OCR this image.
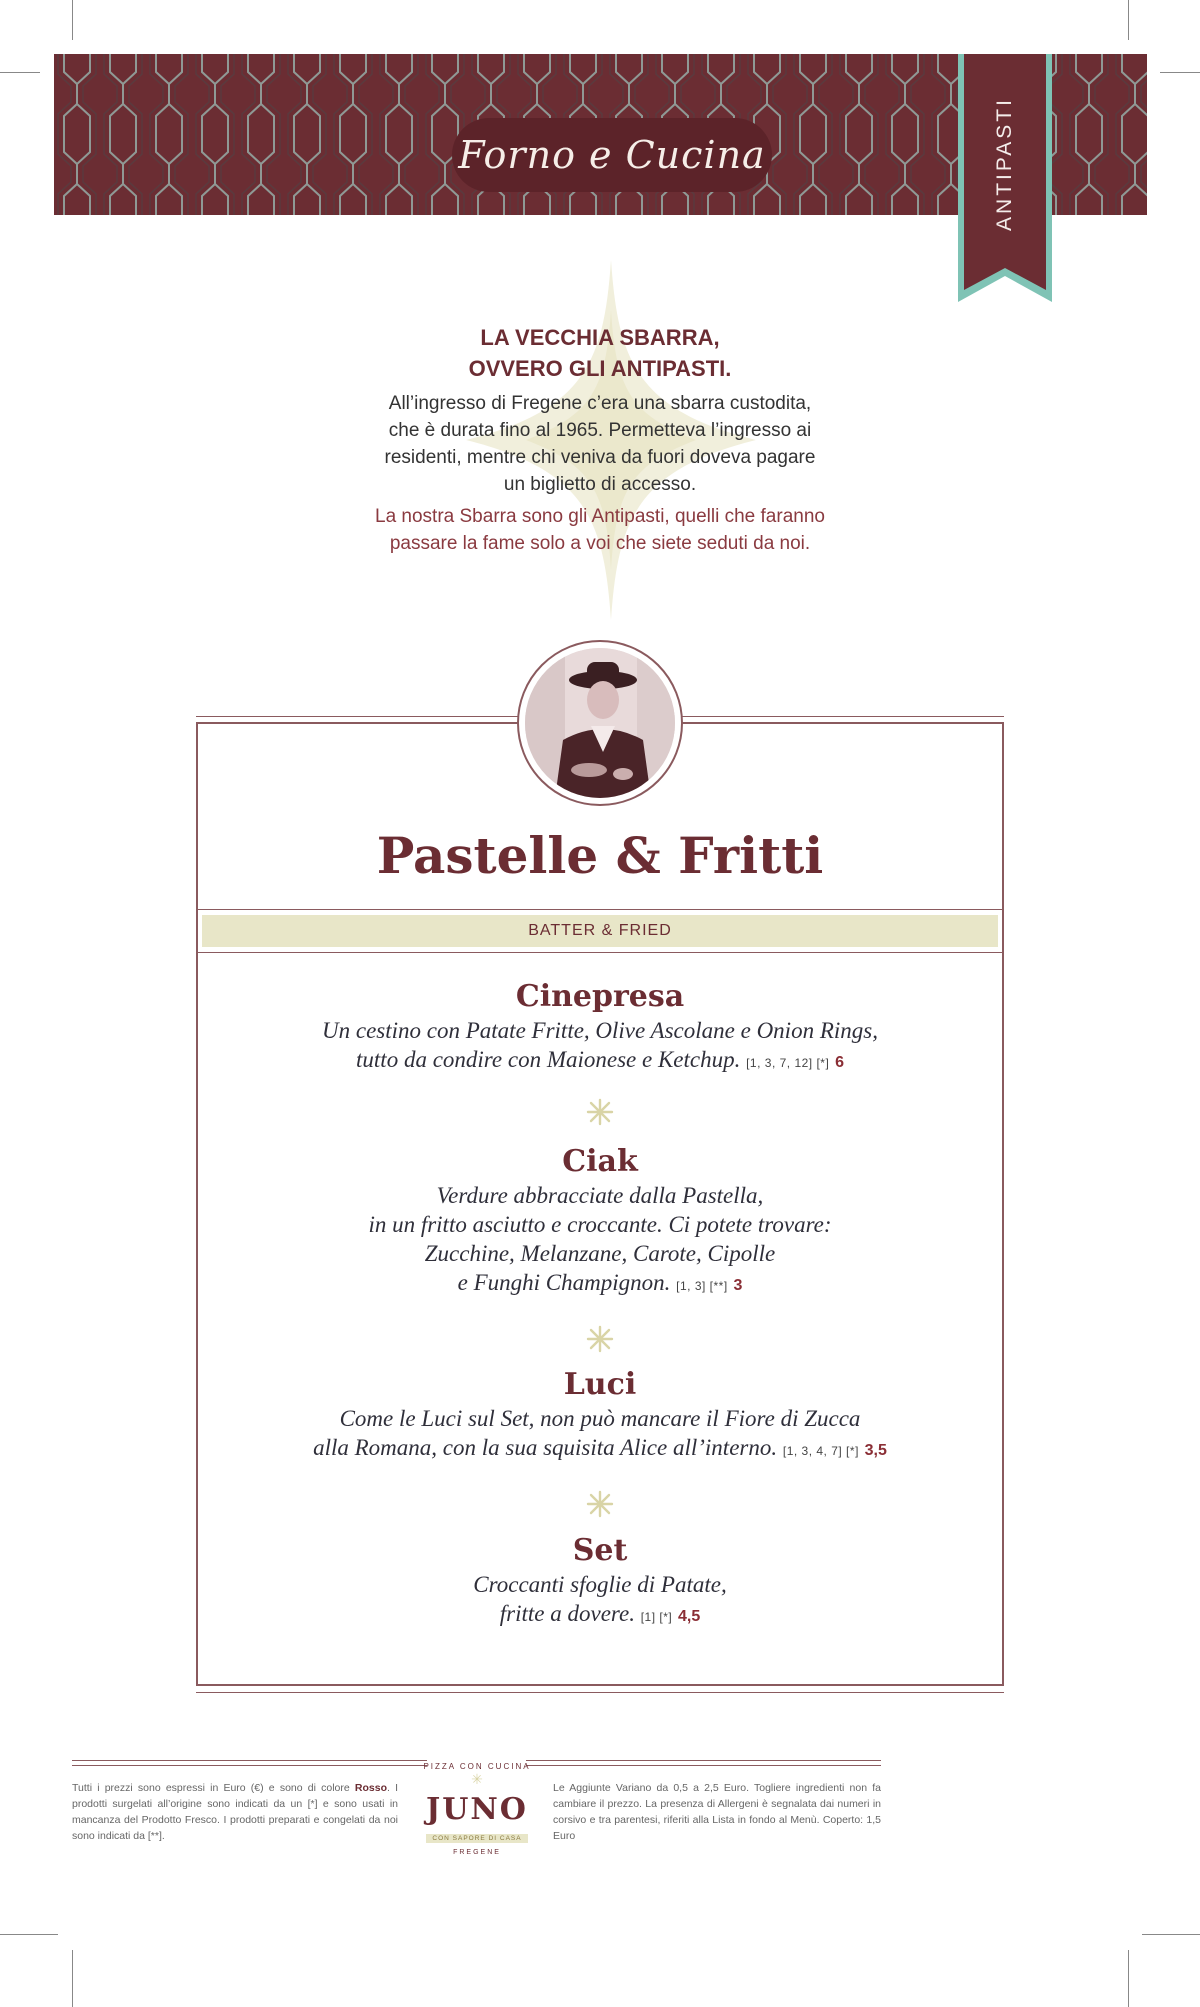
Forno e Cucina	ANTIPASTI
LA VECCHIA SBARRA,
OVVERO GLI ANTIPASTI.
All’ingresso di Fregene c’era una sbarra custodita,
che è durata fino al 1965. Permetteva l’ingresso ai
residenti, mentre chi veniva da fuori doveva pagare
un biglietto di accesso.
La nostra Sbarra sono gli Antipasti, quelli che faranno
passare la fame solo a voi che siete seduti da noi.
Pastelle & Fritti
BATTER & FRIED
Cinepresa
Un cestino con Patate Fritte, Olive Ascolane e Onion Rings,
tutto da condire con Maionese e Ketchup. [1, 3, 7, 12] [*] 6
Ciak
Verdure abbracciate dalla Pastella,
in un fritto asciutto e croccante. Ci potete trovare:
Zucchine, Melanzane, Carote, Cipolle
e Funghi Champignon. [1, 3] [**] 3
Luci
Come le Luci sul Set, non può mancare il Fiore di Zucca
alla Romana, con la sua squisita Alice all’interno. [1, 3, 4, 7] [*] 3,5
Set
Croccanti sfoglie di Patate,
fritte a dovere. [1] [*] 4,5
Tutti i prezzi sono espressi in Euro (€) e sono di colore Rosso. I prodotti surgelati all’origine sono indicati da un [*] e sono usati in mancanza del Prodotto Fresco. I prodotti preparati e congelati da noi sono indicati da [**].
PIZZA CON CUCINA
✳
JUNO
CON SAPORE DI CASA
FREGENE
Le Aggiunte Variano da 0,5 a 2,5 Euro. Togliere ingredienti non fa cambiare il prezzo. La presenza di Allergeni è segnalata dai numeri in corsivo e tra parentesi, riferiti alla Lista in fondo al Menù. Coperto: 1,5 Euro
